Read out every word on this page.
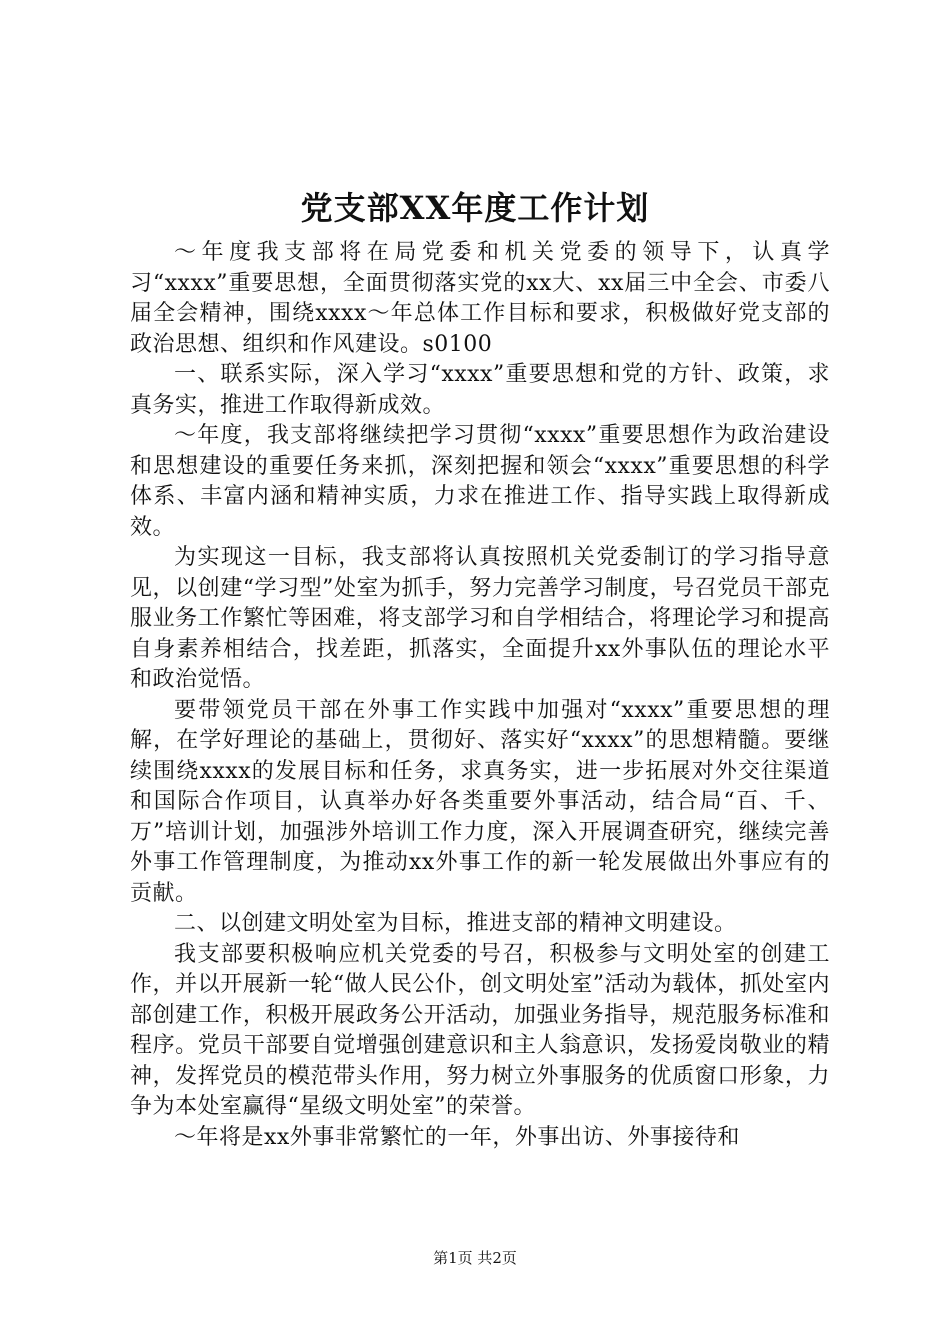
党支部XX年度工作计划

～年度我支部将在局党委和机关党委的领导下，认真学习“xxxx”重要思想，全面贯彻落实党的xx大、xx届三中全会、市委八届全会精神，围绕xxxx～年总体工作目标和要求，积极做好党支部的政治思想、组织和作风建设。s0100

一、联系实际，深入学习“xxxx”重要思想和党的方针、政策，求真务实，推进工作取得新成效。

～年度，我支部将继续把学习贯彻“xxxx”重要思想作为政治建设和思想建设的重要任务来抓，深刻把握和领会“xxxx”重要思想的科学体系、丰富内涵和精神实质，力求在推进工作、指导实践上取得新成效。

为实现这一目标，我支部将认真按照机关党委制订的学习指导意见，以创建“学习型”处室为抓手，努力完善学习制度，号召党员干部克服业务工作繁忙等困难，将支部学习和自学相结合，将理论学习和提高自身素养相结合，找差距，抓落实，全面提升xx外事队伍的理论水平和政治觉悟。

要带领党员干部在外事工作实践中加强对“xxxx”重要思想的理解，在学好理论的基础上，贯彻好、落实好“xxxx”的思想精髓。要继续围绕xxxx的发展目标和任务，求真务实，进一步拓展对外交往渠道和国际合作项目，认真举办好各类重要外事活动，结合局“百、千、万”培训计划，加强涉外培训工作力度，深入开展调查研究，继续完善外事工作管理制度，为推动xx外事工作的新一轮发展做出外事应有的贡献。

二、以创建文明处室为目标，推进支部的精神文明建设。

我支部要积极响应机关党委的号召，积极参与文明处室的创建工作，并以开展新一轮“做人民公仆，创文明处室”活动为载体，抓处室内部创建工作，积极开展政务公开活动，加强业务指导，规范服务标准和程序。党员干部要自觉增强创建意识和主人翁意识，发扬爱岗敬业的精神，发挥党员的模范带头作用，努力树立外事服务的优质窗口形象，力争为本处室赢得“星级文明处室”的荣誉。

～年将是xx外事非常繁忙的一年，外事出访、外事接待和

第1页 共2页
